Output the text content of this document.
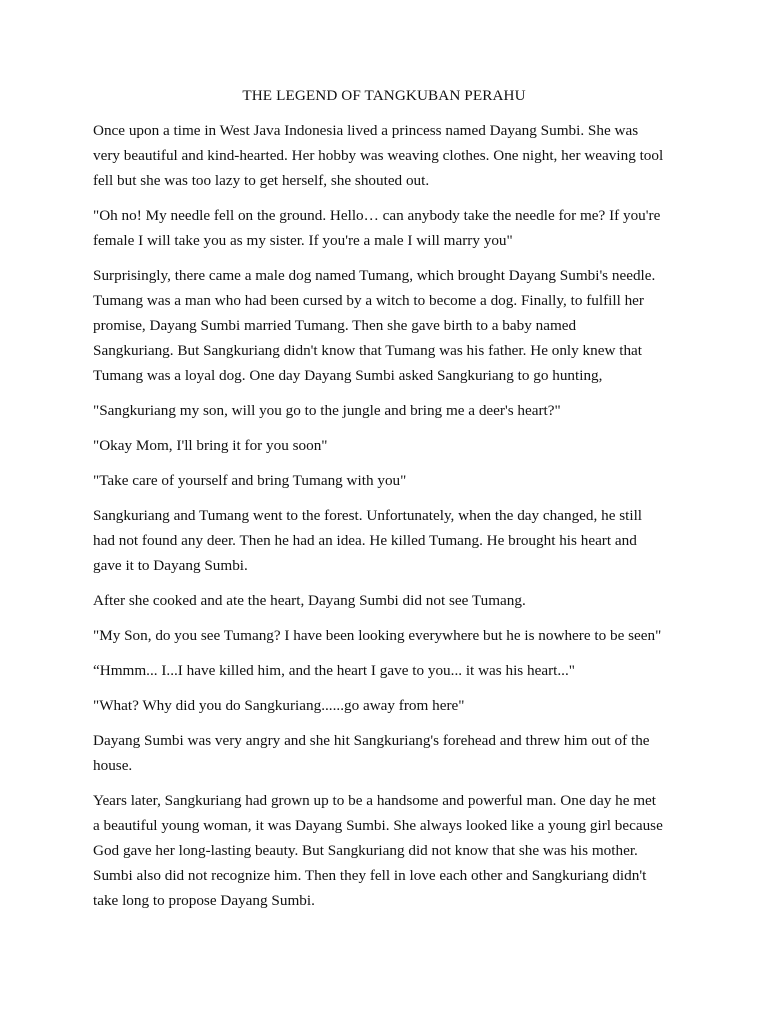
THE LEGEND OF TANGKUBAN PERAHU

Once upon a time in West Java Indonesia lived a princess named Dayang Sumbi. She was
very beautiful and kind-hearted. Her hobby was weaving clothes. One night, her weaving tool
fell but she was too lazy to get herself, she shouted out.

"Oh no! My needle fell on the ground. Hello… can anybody take the needle for me? If you're
female I will take you as my sister. If you're a male I will marry you"

Surprisingly, there came a male dog named Tumang, which brought Dayang Sumbi's needle.
Tumang was a man who had been cursed by a witch to become a dog. Finally, to fulfill her
promise, Dayang Sumbi married Tumang. Then she gave birth to a baby named
Sangkuriang. But Sangkuriang didn't know that Tumang was his father. He only knew that
Tumang was a loyal dog. One day Dayang Sumbi asked Sangkuriang to go hunting,

"Sangkuriang my son, will you go to the jungle and bring me a deer's heart?"

"Okay Mom, I'll bring it for you soon"

"Take care of yourself and bring Tumang with you"

Sangkuriang and Tumang went to the forest. Unfortunately, when the day changed, he still
had not found any deer. Then he had an idea. He killed Tumang. He brought his heart and
gave it to Dayang Sumbi.

After she cooked and ate the heart, Dayang Sumbi did not see Tumang.

"My Son, do you see Tumang? I have been looking everywhere but he is nowhere to be seen"

“Hmmm... I...I have killed him, and the heart I gave to you... it was his heart..."

"What? Why did you do Sangkuriang......go away from here"

Dayang Sumbi was very angry and she hit Sangkuriang's forehead and threw him out of the
house.

Years later, Sangkuriang had grown up to be a handsome and powerful man. One day he met
a beautiful young woman, it was Dayang Sumbi. She always looked like a young girl because
God gave her long-lasting beauty. But Sangkuriang did not know that she was his mother.
Sumbi also did not recognize him. Then they fell in love each other and Sangkuriang didn't
take long to propose Dayang Sumbi.
